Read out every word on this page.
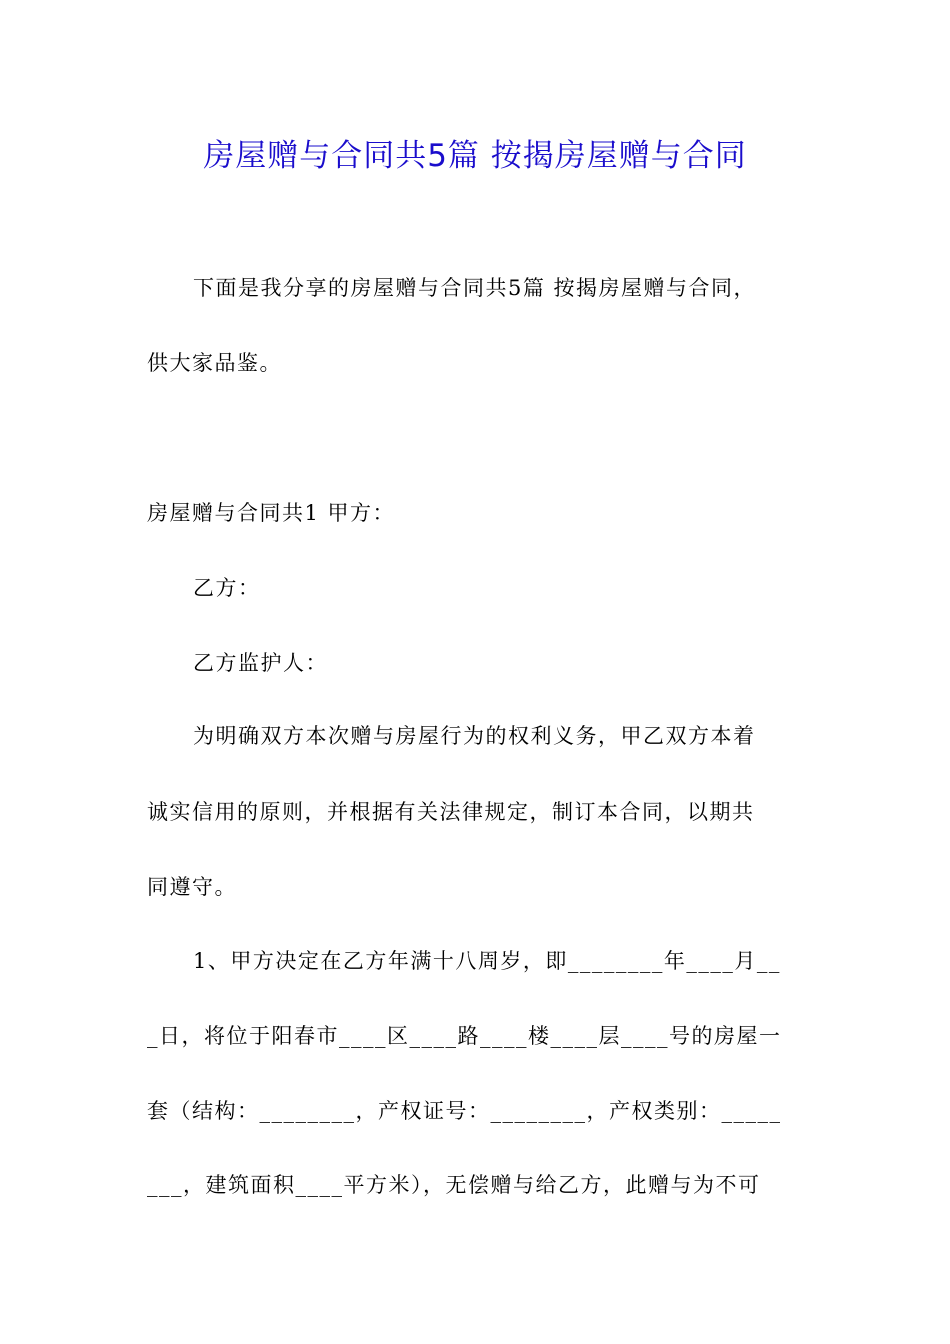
房屋赠与合同共5篇 按揭房屋赠与合同
下面是我分享的房屋赠与合同共5篇 按揭房屋赠与合同，
供大家品鉴。
房屋赠与合同共1 甲方：
乙方：
乙方监护人：
为明确双方本次赠与房屋行为的权利义务，甲乙双方本着
诚实信用的原则，并根据有关法律规定，制订本合同，以期共
同遵守。
1、甲方决定在乙方年满十八周岁，即________年____月__
_日，将位于阳春市____区____路____楼____层____号的房屋一
套（结构：________，产权证号：________，产权类别：_____
___，建筑面积____平方米），无偿赠与给乙方，此赠与为不可
